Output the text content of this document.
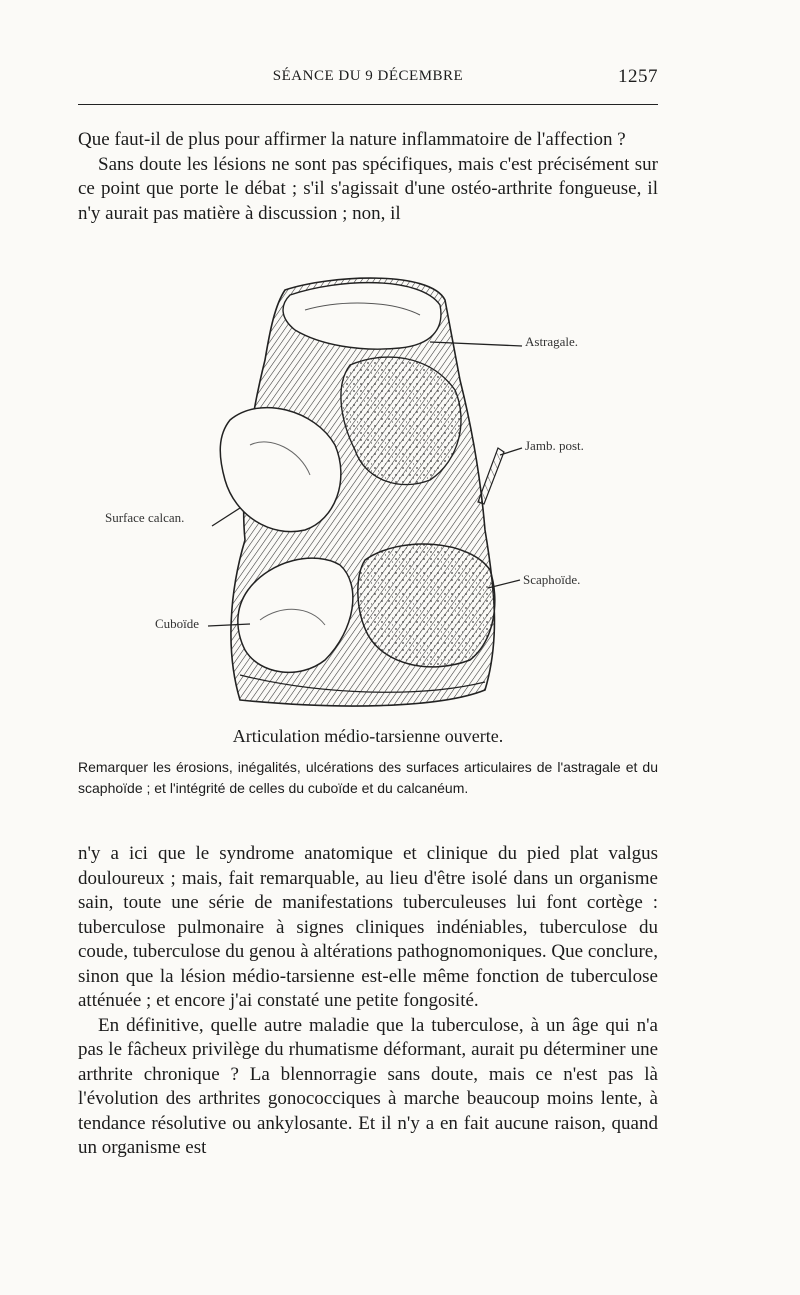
SÉANCE DU 9 DÉCEMBRE	1257

Que faut-il de plus pour affirmer la nature inflammatoire de l'affection ?

Sans doute les lésions ne sont pas spécifiques, mais c'est précisément sur ce point que porte le débat ; s'il s'agissait d'une ostéo-arthrite fongueuse, il n'y aurait pas matière à discussion ; non, il

Astragale.
Jamb. post.
Surface calcan.
Scaphoïde.
Cuboïde
Articulation médio-tarsienne ouverte.
Remarquer les érosions, inégalités, ulcérations des surfaces articulaires de l'astragale et du scaphoïde ; et l'intégrité de celles du cuboïde et du calcanéum.

n'y a ici que le syndrome anatomique et clinique du pied plat valgus douloureux ; mais, fait remarquable, au lieu d'être isolé dans un organisme sain, toute une série de manifestations tuberculeuses lui font cortège : tuberculose pulmonaire à signes cliniques indéniables, tuberculose du coude, tuberculose du genou à altérations pathognomoniques. Que conclure, sinon que la lésion médio-tarsienne est-elle même fonction de tuberculose atténuée ; et encore j'ai constaté une petite fongosité.

En définitive, quelle autre maladie que la tuberculose, à un âge qui n'a pas le fâcheux privilège du rhumatisme déformant, aurait pu déterminer une arthrite chronique ? La blennorragie sans doute, mais ce n'est pas là l'évolution des arthrites gonococciques à marche beaucoup moins lente, à tendance résolutive ou ankylosante. Et il n'y a en fait aucune raison, quand un organisme est
